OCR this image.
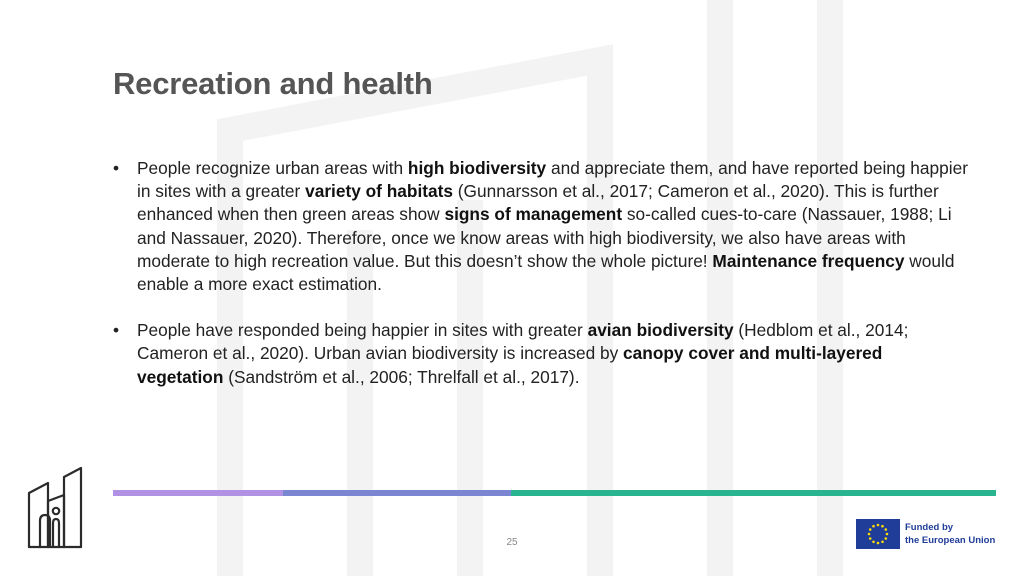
Recreation and health
• People recognize urban areas with high biodiversity and appreciate them, and have reported being happier in sites with a greater variety of habitats (Gunnarsson et al., 2017; Cameron et al., 2020). This is further enhanced when then green areas show signs of management so-called cues-to-care (Nassauer, 1988; Li and Nassauer, 2020). Therefore, once we know areas with high biodiversity, we also have areas with moderate to high recreation value. But this doesn’t show the whole picture! Maintenance frequency would enable a more exact estimation.
• People have responded being happier in sites with greater avian biodiversity (Hedblom et al., 2014; Cameron et al., 2020). Urban avian biodiversity is increased by canopy cover and multi-layered vegetation (Sandström et al., 2006; Threlfall et al., 2017).
25
Funded by
the European Union
